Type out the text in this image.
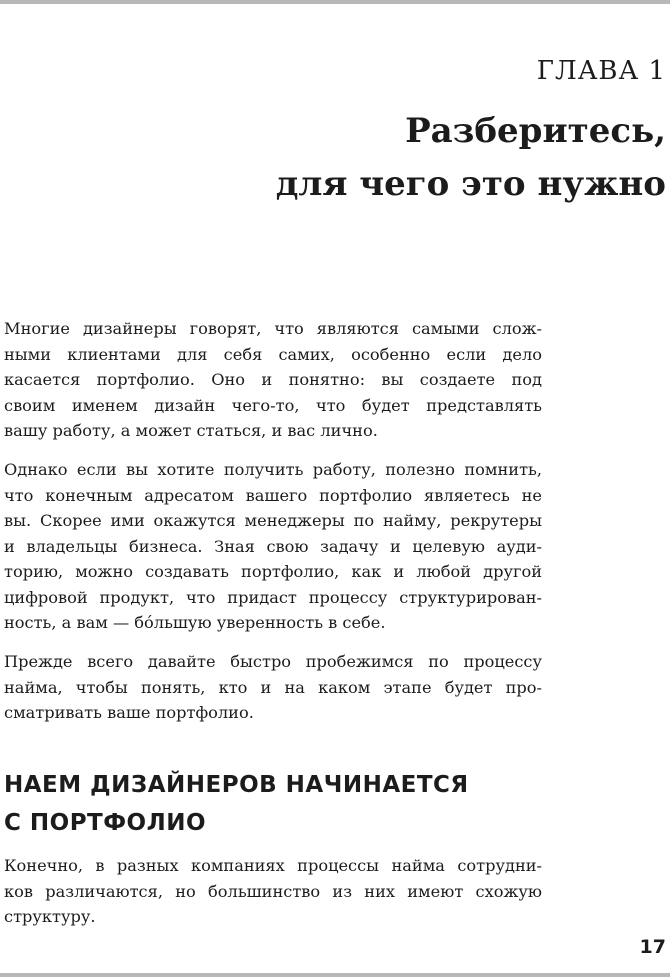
ГЛАВА 1
Разберитесь,
для чего это нужно

Многие дизайнеры говорят, что являются самыми слож-
ными клиентами для себя самих, особенно если дело
касается портфолио. Оно и понятно: вы создаете под
своим именем дизайн чего-то, что будет представлять
вашу работу, а может статься, и вас лично.

Однако если вы хотите получить работу, полезно помнить,
что конечным адресатом вашего портфолио являетесь не
вы. Скорее ими окажутся менеджеры по найму, рекрутеры
и владельцы бизнеса. Зная свою задачу и целевую ауди-
торию, можно создавать портфолио, как и любой другой
цифровой продукт, что придаст процессу структурирован-
ность, а вам — бóльшую уверенность в себе.

Прежде всего давайте быстро пробежимся по процессу
найма, чтобы понять, кто и на каком этапе будет про-
сматривать ваше портфолио.

НАЕМ ДИЗАЙНЕРОВ НАЧИНАЕТСЯ
С ПОРТФОЛИО

Конечно, в разных компаниях процессы найма сотрудни-
ков различаются, но большинство из них имеют схожую
структуру.

17
